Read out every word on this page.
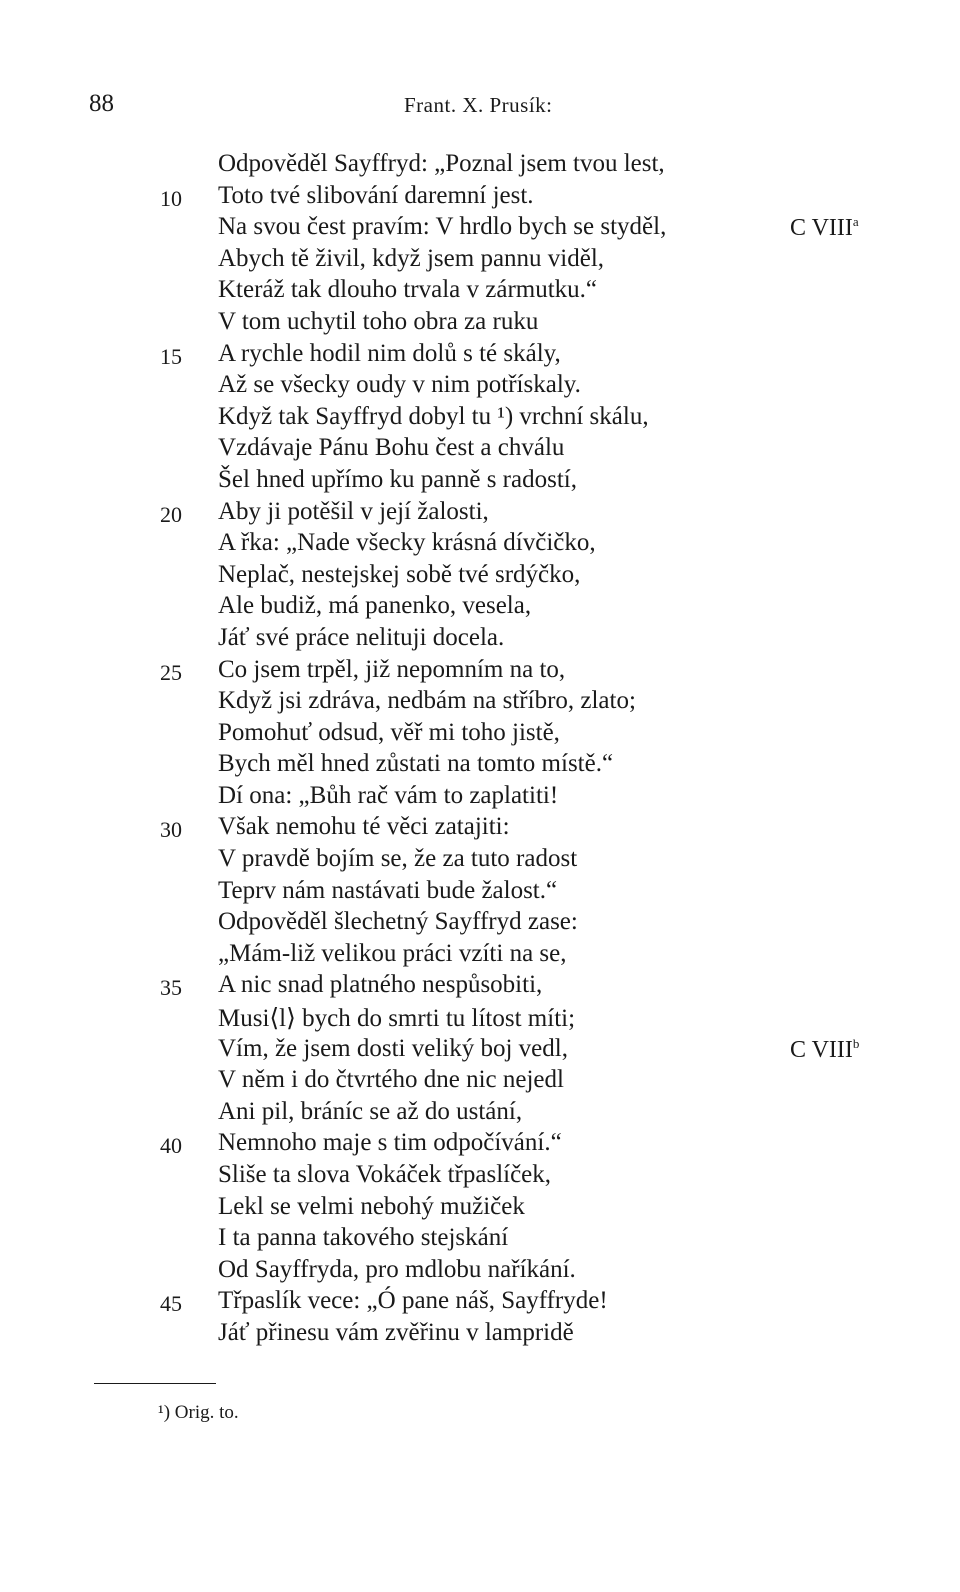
88	Frant. X. Prusík:
Odpověděl Sayffryd: „Poznal jsem tvou lest,
10	Toto tvé slibování daremní jest.
Na svou čest pravím: V hrdlo bych se styděl,	C VIII$^a$
Abych tě živil, když jsem pannu viděl,
Kteráž tak dlouho trvala v zármutku.“
V tom uchytil toho obra za ruku
15	A rychle hodil nim dolů s té skály,
Až se všecky oudy v nim potřískaly.
Když tak Sayffryd dobyl tu ¹) vrchní skálu,
Vzdávaje Pánu Bohu čest a chválu
Šel hned upřímo ku panně s radostí,
20	Aby ji potěšil v její žalosti,
A řka: „Nade všecky krásná dívčičko,
Neplač, nestejskej sobě tvé srdýčko,
Ale budiž, má panenko, vesela,
Jáť své práce nelituji docela.
25	Co jsem trpěl, již nepomním na to,
Když jsi zdráva, nedbám na stříbro, zlato;
Pomohuť odsud, věř mi toho jistě,
Bych měl hned zůstati na tomto místě.“
Dí ona: „Bůh rač vám to zaplatiti!
30	Však nemohu té věci zatajiti:
V pravdě bojím se, že za tuto radost
Teprv nám nastávati bude žalost.“
Odpověděl šlechetný Sayffryd zase:
„Mám-liž velikou práci vzíti na se,
35	A nic snad platného nespůsobiti,
Musi⟨l⟩ bych do smrti tu lítost míti;
Vím, že jsem dosti veliký boj vedl,	C VIII$^b$
V něm i do čtvrtého dne nic nejedl
Ani pil, bráníc se až do ustání,
40	Nemnoho maje s tim odpočívání.“
Sliše ta slova Vokáček třpaslíček,
Lekl se velmi nebohý mužiček
I ta panna takového stejskání
Od Sayffryda, pro mdlobu naříkání.
45	Třpaslík vece: „Ó pane náš, Sayffryde!
Jáť přinesu vám zvěřinu v lampridě
¹) Orig. to.
